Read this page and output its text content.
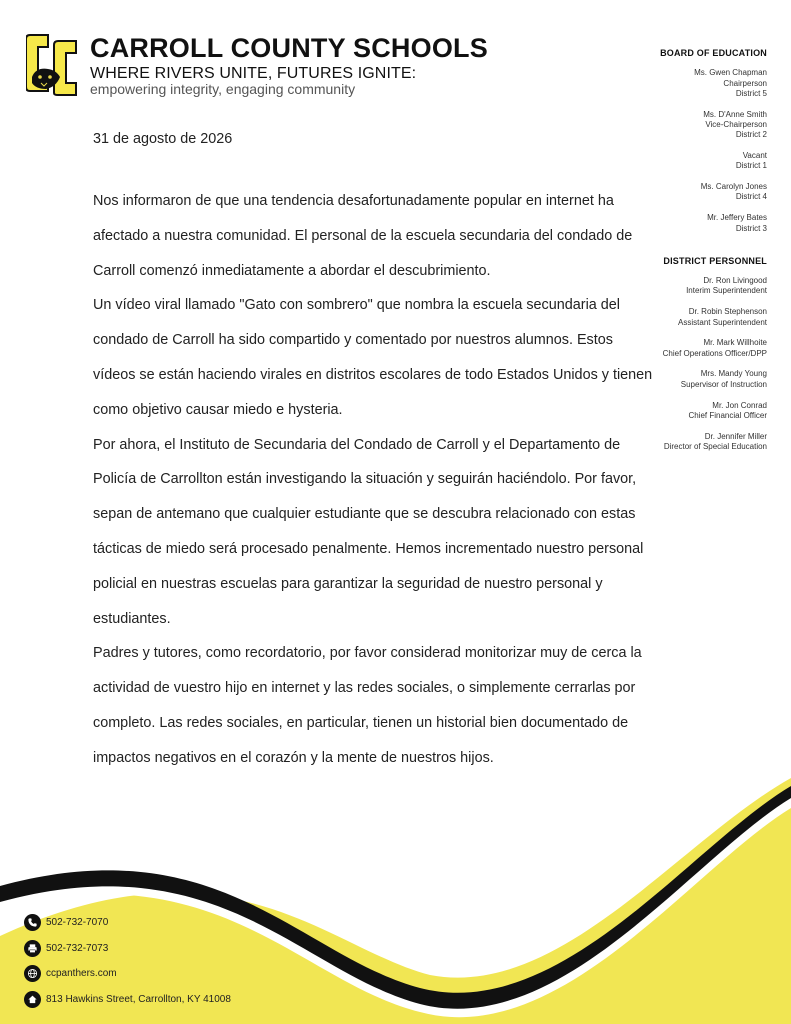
CARROLL COUNTY SCHOOLS
WHERE RIVERS UNITE, FUTURES IGNITE:
empowering integrity, engaging community
BOARD OF EDUCATION
Ms. Gwen Chapman
Chairperson
District 5
Ms. D'Anne Smith
Vice-Chairperson
District 2
Vacant
District 1
Ms. Carolyn Jones
District 4
Mr. Jeffery Bates
District 3
DISTRICT PERSONNEL
Dr. Ron Livingood
Interim Superintendent
Dr. Robin Stephenson
Assistant Superintendent
Mr. Mark Willhoite
Chief Operations Officer/DPP
Mrs. Mandy Young
Supervisor of Instruction
Mr. Jon Conrad
Chief Financial Officer
Dr. Jennifer Miller
Director of Special Education
31 de agosto de 2026
Nos informaron de que una tendencia desafortunadamente popular en internet ha afectado a nuestra comunidad. El personal de la escuela secundaria del condado de Carroll comenzó inmediatamente a abordar el descubrimiento.
Un vídeo viral llamado "Gato con sombrero" que nombra la escuela secundaria del condado de Carroll ha sido compartido y comentado por nuestros alumnos. Estos vídeos se están haciendo virales en distritos escolares de todo Estados Unidos y tienen como objetivo causar miedo e hysteria.
Por ahora, el Instituto de Secundaria del Condado de Carroll y el Departamento de Policía de Carrollton están investigando la situación y seguirán haciéndolo. Por favor, sepan de antemano que cualquier estudiante que se descubra relacionado con estas tácticas de miedo será procesado penalmente. Hemos incrementado nuestro personal policial en nuestras escuelas para garantizar la seguridad de nuestro personal y estudiantes.
Padres y tutores, como recordatorio, por favor considerad monitorizar muy de cerca la actividad de vuestro hijo en internet y las redes sociales, o simplemente cerrarlas por completo. Las redes sociales, en particular, tienen un historial bien documentado de impactos negativos en el corazón y la mente de nuestros hijos.
502-732-7070
502-732-7073
ccpanthers.com
813 Hawkins Street, Carrollton, KY 41008
